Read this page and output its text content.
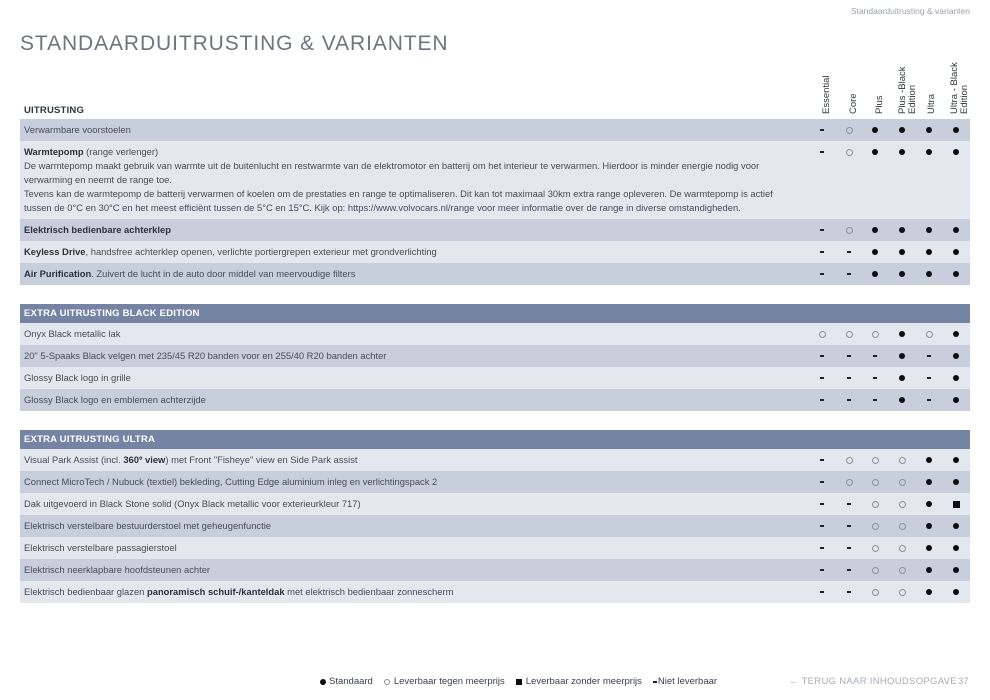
Standaarduitrusting & varianten
STANDAARDUITRUSTING & VARIANTEN
UITRUSTING	Essential Core Plus Plus -Black
Edition Ultra Ultra - Black
Edition
Verwarmbare voorstoelen
Warmtepomp (range verlenger)
De warmtepomp maakt gebruik van warmte uit de buitenlucht en restwarmte van de elektromotor en batterij om het interieur te verwarmen. Hierdoor is minder energie nodig voor verwarming en neemt de range toe.
Tevens kan de warmtepomp de batterij verwarmen of koelen om de prestaties en range te optimaliseren. Dit kan tot maximaal 30km extra range opleveren. De warmtepomp is actief tussen de 0°C en 30°C en het meest efficiënt tussen de 5°C en 15°C. Kijk op: https://www.volvocars.nl/range voor meer informatie over de range in diverse omstandigheden.
Elektrisch bedienbare achterklep
Keyless Drive, handsfree achterklep openen, verlichte portiergrepen exterieur met grondverlichting
Air Purification. Zuivert de lucht in de auto door middel van meervoudige filters
EXTRA UITRUSTING BLACK EDITION
Onyx Black metallic lak
20" 5-Spaaks Black velgen met 235/45 R20 banden voor en 255/40 R20 banden achter
Glossy Black logo in grille
Glossy Black logo en emblemen achterzijde
EXTRA UITRUSTING ULTRA
Visual Park Assist (incl. 360º view) met Front "Fisheye" view en Side Park assist
Connect MicroTech / Nubuck (textiel) bekleding, Cutting Edge aluminium inleg en verlichtingspack 2
Dak uitgevoerd in Black Stone solid (Onyx Black metallic voor exterieurkleur 717)
Elektrisch verstelbare bestuurderstoel met geheugenfunctie
Elektrisch verstelbare passagierstoel
Elektrisch neerklapbare hoofdsteunen achter
Elektrisch bedienbaar glazen panoramisch schuif-/kanteldak met elektrisch bedienbaar zonnescherm
Standaard Leverbaar tegen meerprijs Leverbaar zonder meerprijs Niet leverbaar	← TERUG NAAR INHOUDSOPGAVE 37
